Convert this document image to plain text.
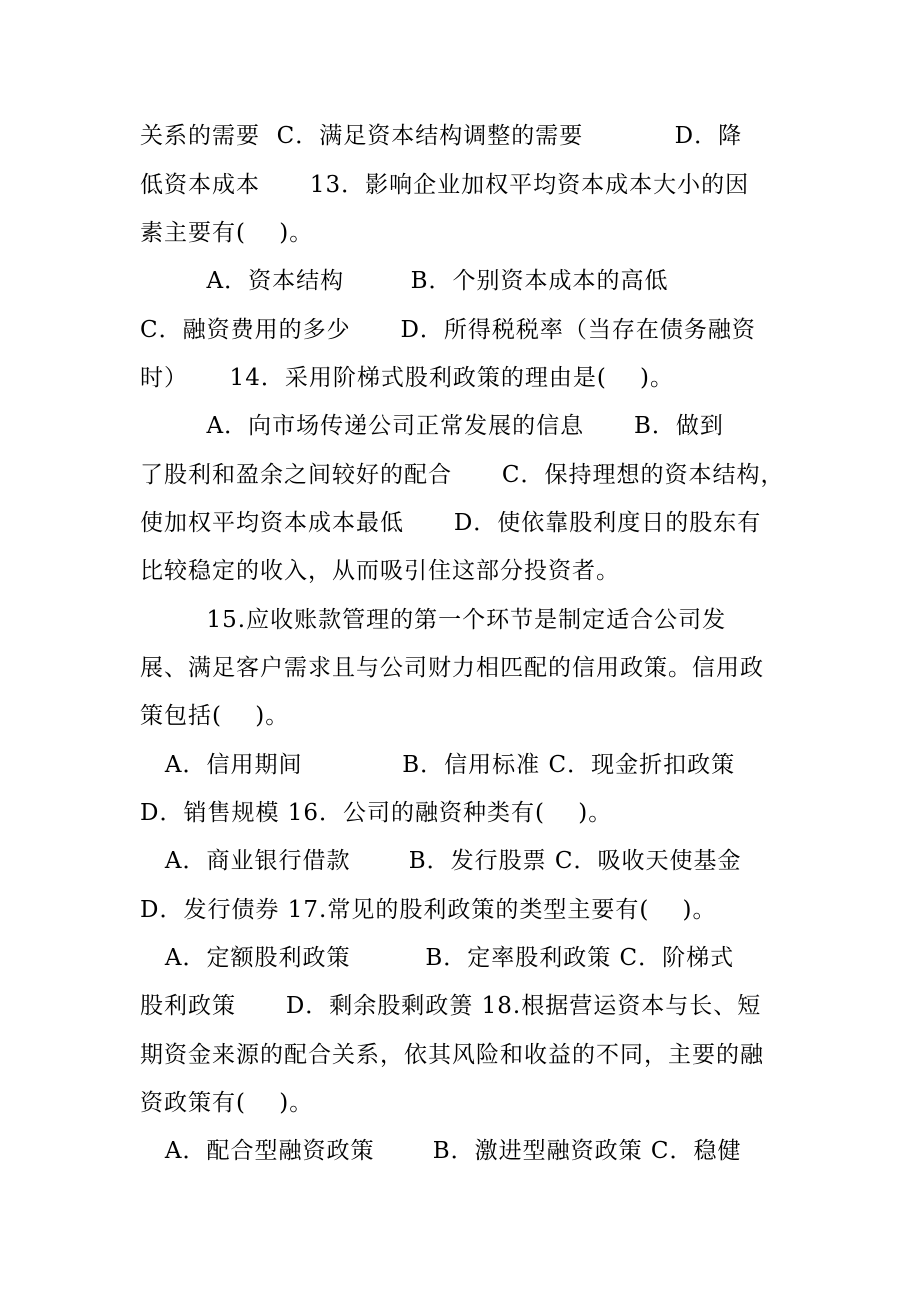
关系的需要  C．满足资本结构调整的需要           D．降
低资本成本      13．影响企业加权平均资本成本大小的因
素主要有(    )。
A．资本结构        B．个别资本成本的高低
C．融资费用的多少      D．所得税税率（当存在债务融资
时）     14．采用阶梯式股利政策的理由是(    )。
A．向市场传递公司正常发展的信息      B．做到
了股利和盈余之间较好的配合      C．保持理想的资本结构，
使加权平均资本成本最低      D．使依靠股利度日的股东有
比较稳定的收入，从而吸引住这部分投资者。
15.应收账款管理的第一个环节是制定适合公司发
展、满足客户需求且与公司财力相匹配的信用政策。信用政
策包括(    )。
A．信用期间            B．信用标准 C．现金折扣政策
D．销售规模 16．公司的融资种类有(    )。
A．商业银行借款       B．发行股票 C．吸收天使基金
D．发行债券 17.常见的股利政策的类型主要有(    )。
A．定额股利政策         B．定率股利政策 C．阶梯式
股利政策      D．剩余股剩政箦 18.根据营运资本与长、短
期资金来源的配合关系，依其风险和收益的不同，主要的融
资政策有(    )。
A．配合型融资政策       B．激进型融资政策 C．稳健
